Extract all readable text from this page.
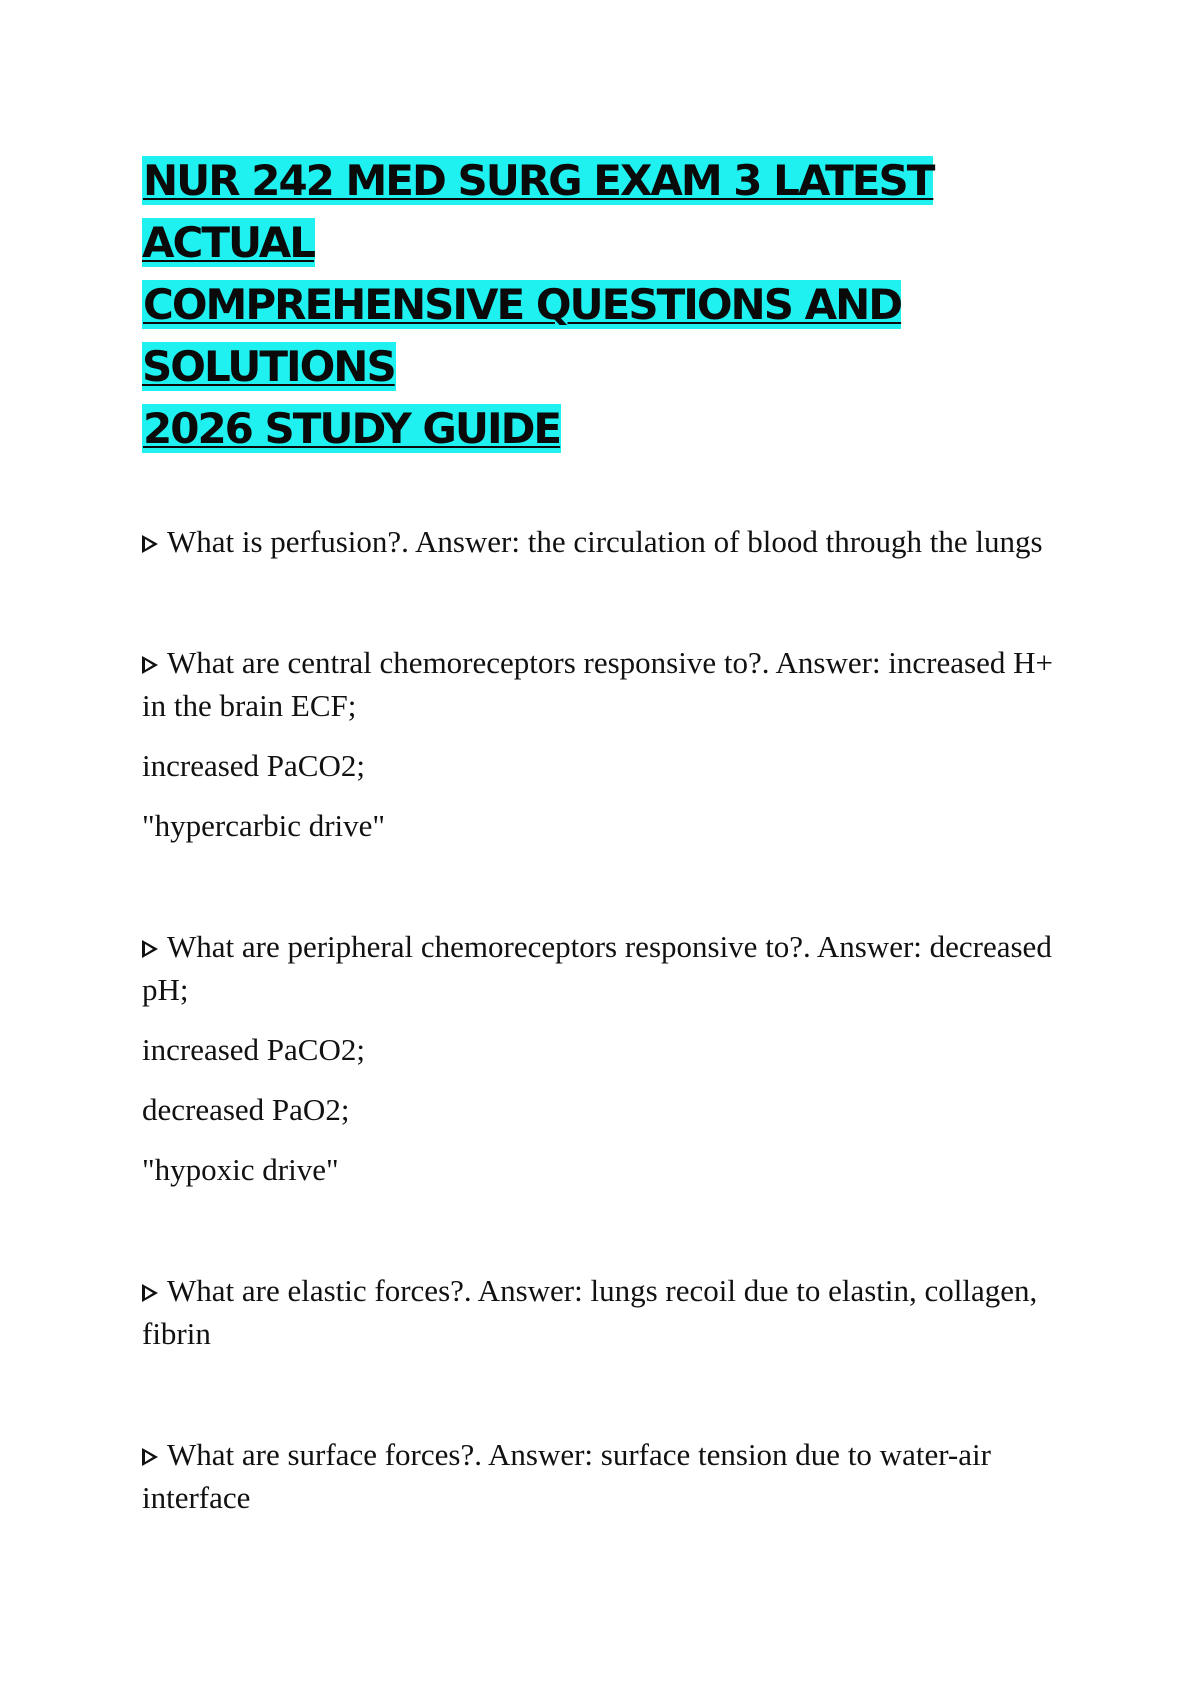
NUR 242 MED SURG EXAM 3 LATEST ACTUAL
COMPREHENSIVE QUESTIONS AND SOLUTIONS
2026 STUDY GUIDE

What is perfusion?. Answer: the circulation of blood through the lungs

What are central chemoreceptors responsive to?. Answer: increased H+ in the brain ECF;

increased PaCO2;

"hypercarbic drive"

What are peripheral chemoreceptors responsive to?. Answer: decreased pH;

increased PaCO2;

decreased PaO2;

"hypoxic drive"

What are elastic forces?. Answer: lungs recoil due to elastin, collagen, fibrin

What are surface forces?. Answer: surface tension due to water-air interface
